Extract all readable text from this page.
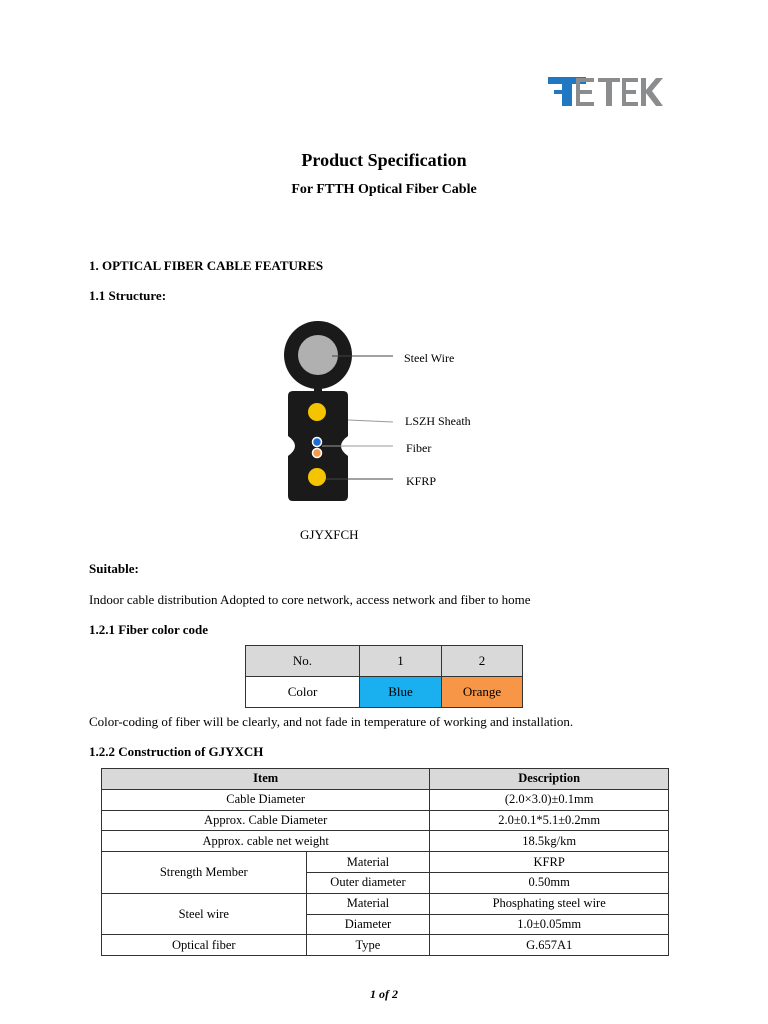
Product Specification
For FTTH Optical Fiber Cable
1. OPTICAL FIBER CABLE FEATURES
1.1 Structure:
Steel Wire
LSZH Sheath
Fiber
KFRP
GJYXFCH
Suitable:
Indoor cable distribution Adopted to core network, access network and fiber to home
1.2.1 Fiber color code
No.	1	2
Color	Blue	Orange
Color-coding of fiber will be clearly, and not fade in temperature of working and installation.
1.2.2 Construction of GJYXCH
Item		Description
Cable Diameter		(2.0×3.0)±0.1mm
Approx. Cable Diameter		2.0±0.1*5.1±0.2mm
Approx. cable net weight		18.5kg/km
Strength Member	Material	KFRP
	Outer diameter	0.50mm
Steel wire	Material	Phosphating steel wire
	Diameter	1.0±0.05mm
Optical fiber	Type	G.657A1
1 of 2
